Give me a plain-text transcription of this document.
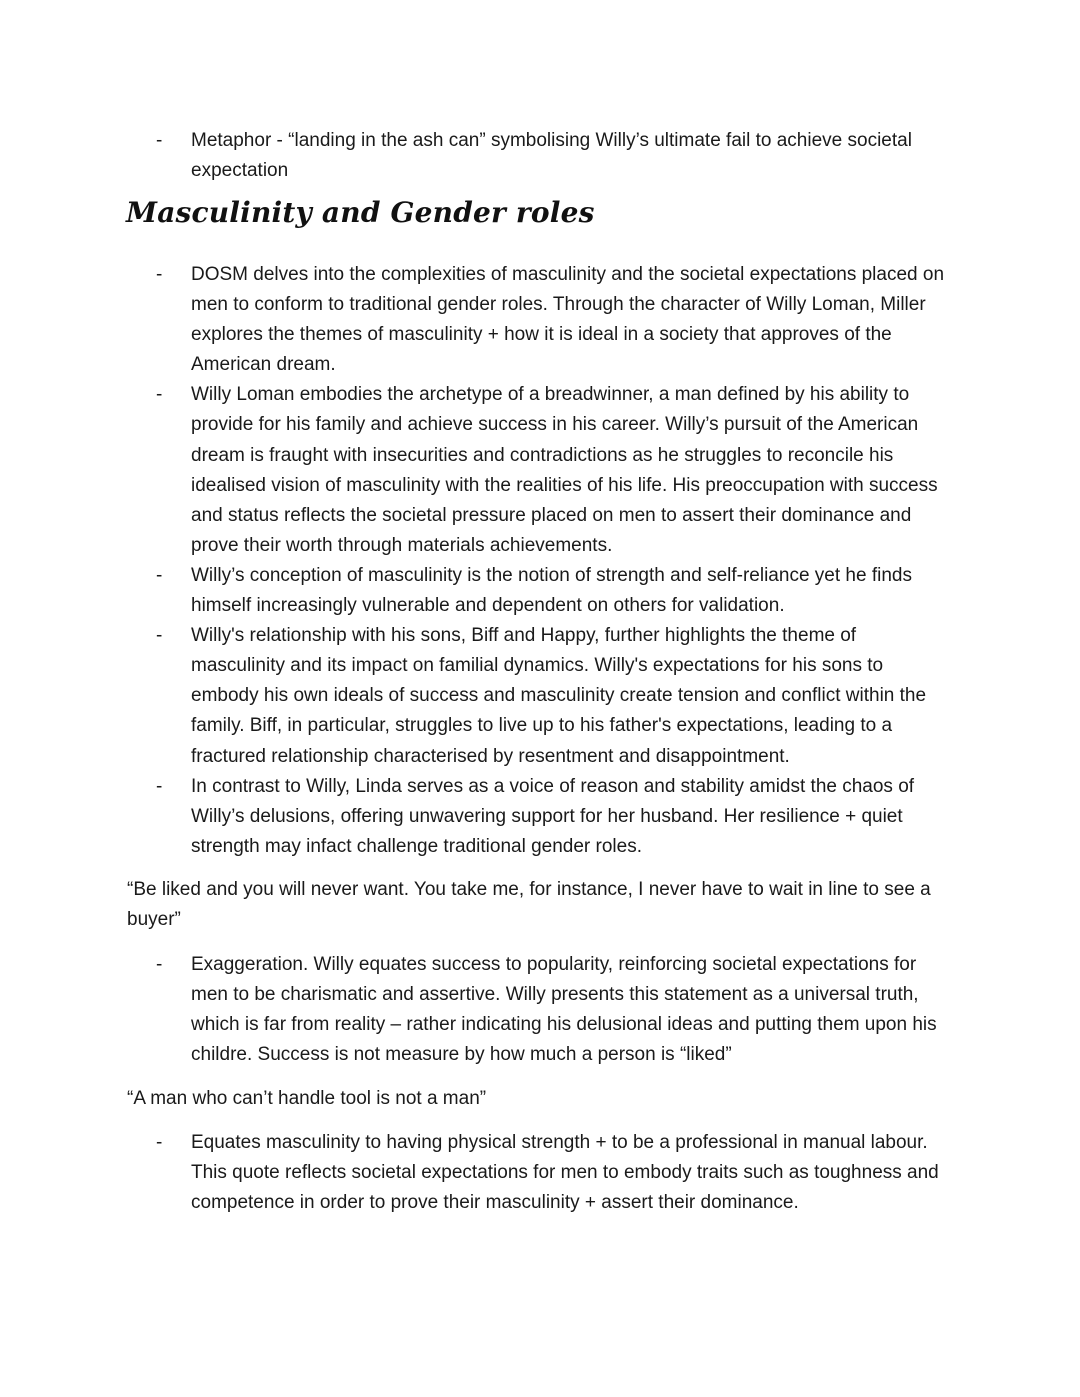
- Metaphor - “landing in the ash can” symbolising Willy’s ultimate fail to achieve societal expectation
Masculinity and Gender roles
- DOSM delves into the complexities of masculinity and the societal expectations placed on men to conform to traditional gender roles. Through the character of Willy Loman, Miller explores the themes of masculinity + how it is ideal in a society that approves of the American dream.
- Willy Loman embodies the archetype of a breadwinner, a man defined by his ability to provide for his family and achieve success in his career. Willy’s pursuit of the American dream is fraught with insecurities and contradictions as he struggles to reconcile his idealised vision of masculinity with the realities of his life. His preoccupation with success and status reflects the societal pressure placed on men to assert their dominance and prove their worth through materials achievements.
- Willy’s conception of masculinity is the notion of strength and self-reliance yet he finds himself increasingly vulnerable and dependent on others for validation.
- Willy's relationship with his sons, Biff and Happy, further highlights the theme of masculinity and its impact on familial dynamics. Willy's expectations for his sons to embody his own ideals of success and masculinity create tension and conflict within the family. Biff, in particular, struggles to live up to his father's expectations, leading to a fractured relationship characterised by resentment and disappointment.
- In contrast to Willy, Linda serves as a voice of reason and stability amidst the chaos of Willy’s delusions, offering unwavering support for her husband. Her resilience + quiet strength may infact challenge traditional gender roles.
“Be liked and you will never want. You take me, for instance, I never have to wait in line to see a buyer”
- Exaggeration. Willy equates success to popularity, reinforcing societal expectations for men to be charismatic and assertive. Willy presents this statement as a universal truth, which is far from reality – rather indicating his delusional ideas and putting them upon his childre. Success is not measure by how much a person is “liked”
“A man who can’t handle tool is not a man”
- Equates masculinity to having physical strength + to be a professional in manual labour. This quote reflects societal expectations for men to embody traits such as toughness and competence in order to prove their masculinity + assert their dominance.
